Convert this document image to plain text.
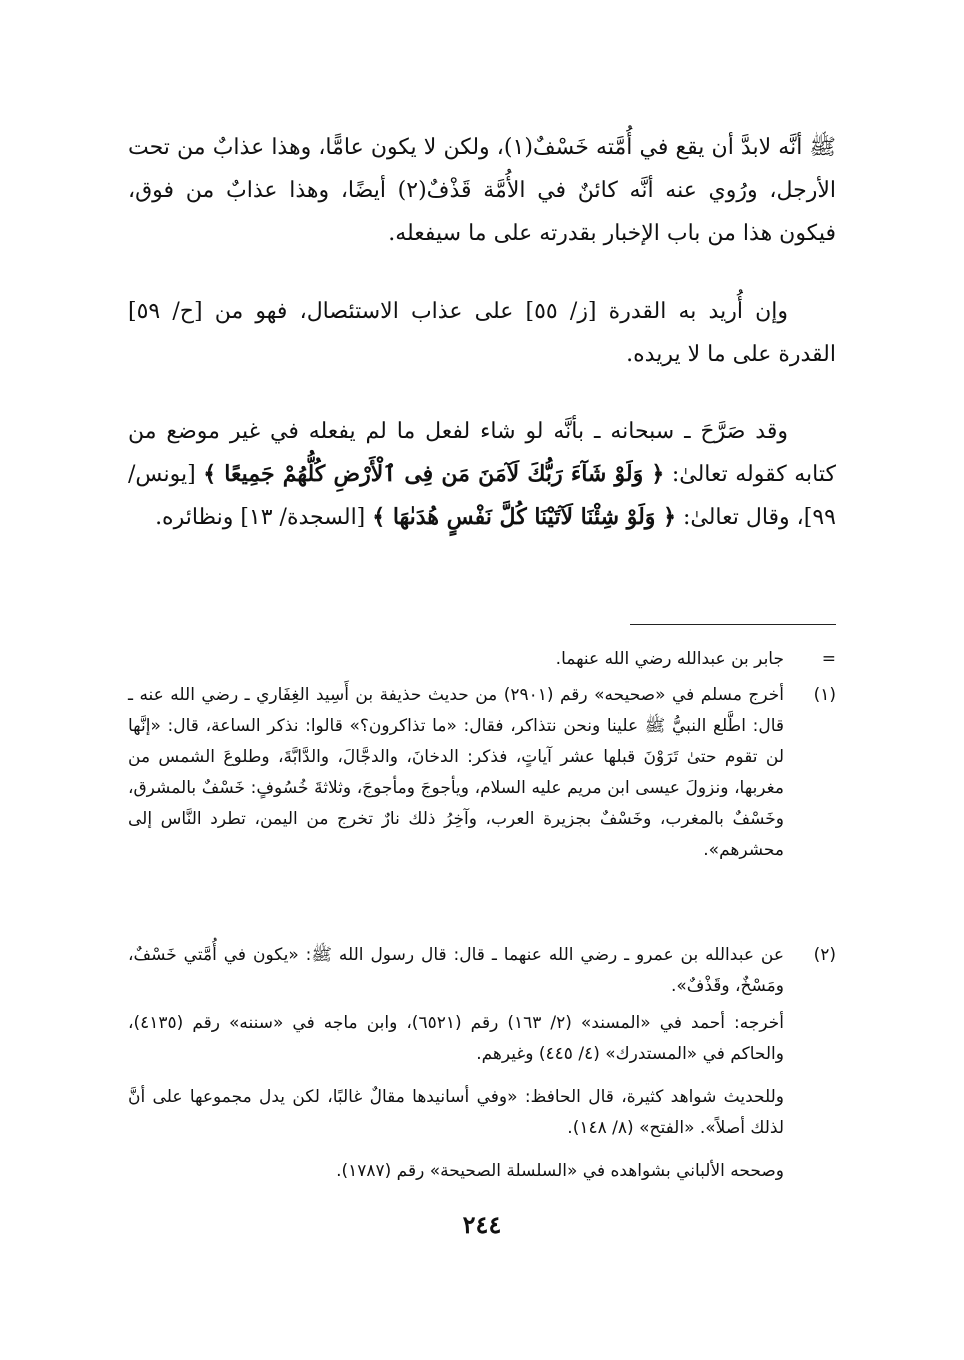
ﷺ أنَّه لابدَّ أن يقع في أُمَّته خَسْفٌ(١)، ولكن لا يكون عامًّا، وهذا عذابٌ من تحت الأرجل، ورُوي عنه أنَّه كائنٌ في الأُمَّة قَذْفٌ(٢) أيضًا، وهذا عذابٌ من فوق، فيكون هذا من باب الإخبار بقدرته على ما سيفعله.

وإن أُريد به القدرة [ز/ ٥٥] على عذاب الاستئصال، فهو من [ح/ ٥٩] القدرة على ما لا يريده.

وقد صَرَّحَ ـ سبحانه ـ بأنَّه لو شاء لفعل ما لم يفعله في غير موضع من كتابه كقوله تعالىٰ: ﴿ وَلَوْ شَآءَ رَبُّكَ لَآمَنَ مَن فِى ٱلْأَرْضِ كُلُّهُمْ جَمِيعًا ﴾ [يونس/ ٩٩]، وقال تعالىٰ: ﴿ وَلَوْ شِئْنَا لَآتَيْنَا كُلَّ نَفْسٍ هُدَىٰهَا ﴾ [السجدة/ ١٣] ونظائره.

=
جابر بن عبدالله رضي الله عنهما.
(١)
أخرج مسلم في «صحيحه» رقم (٢٩٠١) من حديث حذيفة بن أَسِيد الغِفَاري ـ رضي الله عنه ـ قال: اطَّلع النبيُّ ﷺ علينا ونحن نتذاكر، فقال: «ما تذاكرون؟» قالوا: نذكر الساعة، قال: «إنَّها لن تقوم حتىٰ تَرَوْنَ قبلها عشر آياتٍ، فذكر: الدخانَ، والدجَّالَ، والدَّابَّةَ، وطلوعَ الشمس من مغربها، ونزولَ عيسى ابن مريم عليه السلام، ويأجوجَ ومأجوجَ، وثلاثةَ خُسُوفٍ: خَسْفٌ بالمشرق، وخَسْفٌ بالمغرب، وخَسْفٌ بجزيرة العرب، وآخِرُ ذلك نارٌ تخرج من اليمن، تطرد النَّاس إلى محشرهم».
(٢)
عن عبدالله بن عمرو ـ رضي الله عنهما ـ قال: قال رسول الله ﷺ: «يكون في أُمَّتي خَسْفٌ، ومَسْخٌ، وقَذْفٌ».

أخرجه: أحمد في «المسند» (٢/ ١٦٣) رقم (٦٥٢١)، وابن ماجه في «سننه» رقم (٤١٣٥)، والحاكم في «المستدرك» (٤/ ٤٤٥) وغيرهم.

وللحديث شواهد كثيرة، قال الحافظ: «وفي أسانيدها مقالٌ غالبًا، لكن يدل مجموعها على أنَّ لذلك أصلاً». «الفتح» (٨/ ١٤٨).

وصححه الألباني بشواهده في «السلسلة الصحيحة» رقم (١٧٨٧).

٢٤٤
